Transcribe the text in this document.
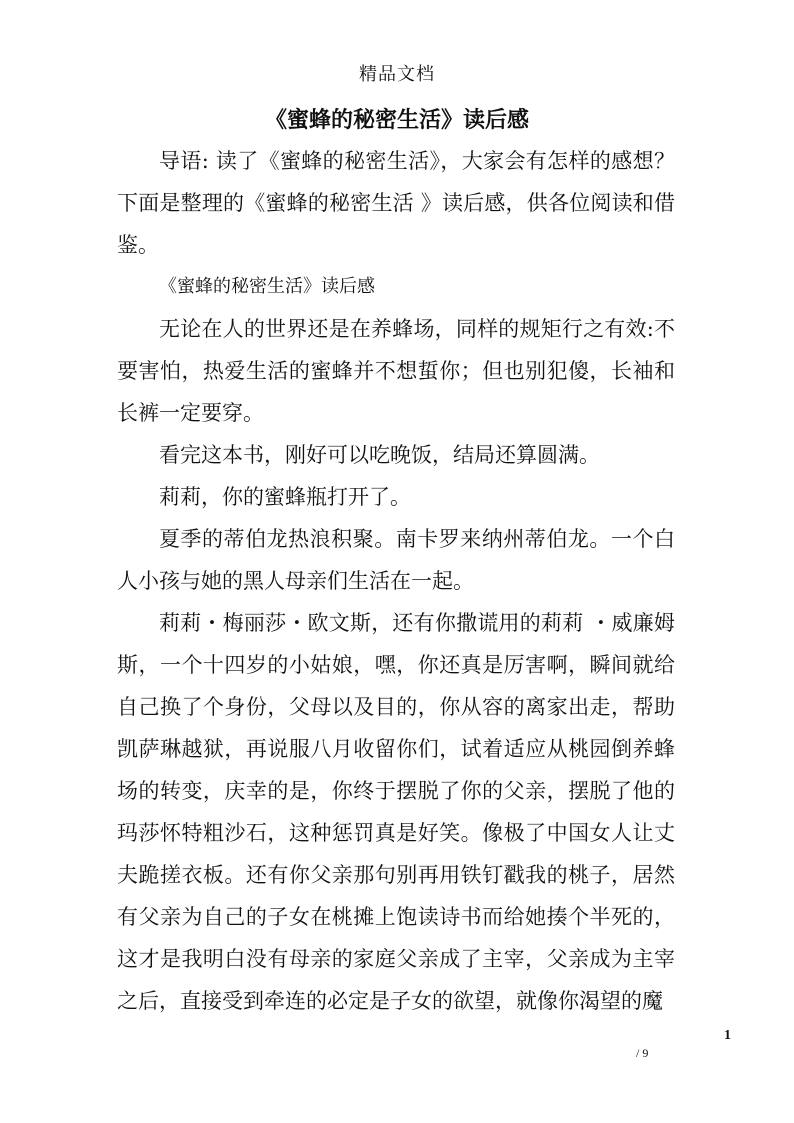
精品文档
《蜜蜂的秘密生活》读后感

导语: 读了《蜜蜂的秘密生活》，大家会有怎样的感想？下面是整理的《蜜蜂的秘密生活 》读后感，供各位阅读和借鉴。

《蜜蜂的秘密生活》读后感

无论在人的世界还是在养蜂场，同样的规矩行之有效:不要害怕，热爱生活的蜜蜂并不想蜇你；但也别犯傻，长袖和长裤一定要穿。

看完这本书，刚好可以吃晚饭，结局还算圆满。

莉莉，你的蜜蜂瓶打开了。

夏季的蒂伯龙热浪积聚。南卡罗来纳州蒂伯龙。一个白人小孩与她的黑人母亲们生活在一起。

莉莉・梅丽莎・欧文斯，还有你撒谎用的莉莉 ・威廉姆斯，一个十四岁的小姑娘，嘿，你还真是厉害啊，瞬间就给自己换了个身份，父母以及目的，你从容的离家出走，帮助凯萨琳越狱，再说服八月收留你们，试着适应从桃园倒养蜂场的转变，庆幸的是，你终于摆脱了你的父亲，摆脱了他的玛莎怀特粗沙石，这种惩罚真是好笑。像极了中国女人让丈夫跪搓衣板。还有你父亲那句别再用铁钉戳我的桃子，居然有父亲为自己的子女在桃摊上饱读诗书而给她揍个半死的，这才是我明白没有母亲的家庭父亲成了主宰，父亲成为主宰之后，直接受到牵连的必定是子女的欲望，就像你渴望的魔

1
/ 9
